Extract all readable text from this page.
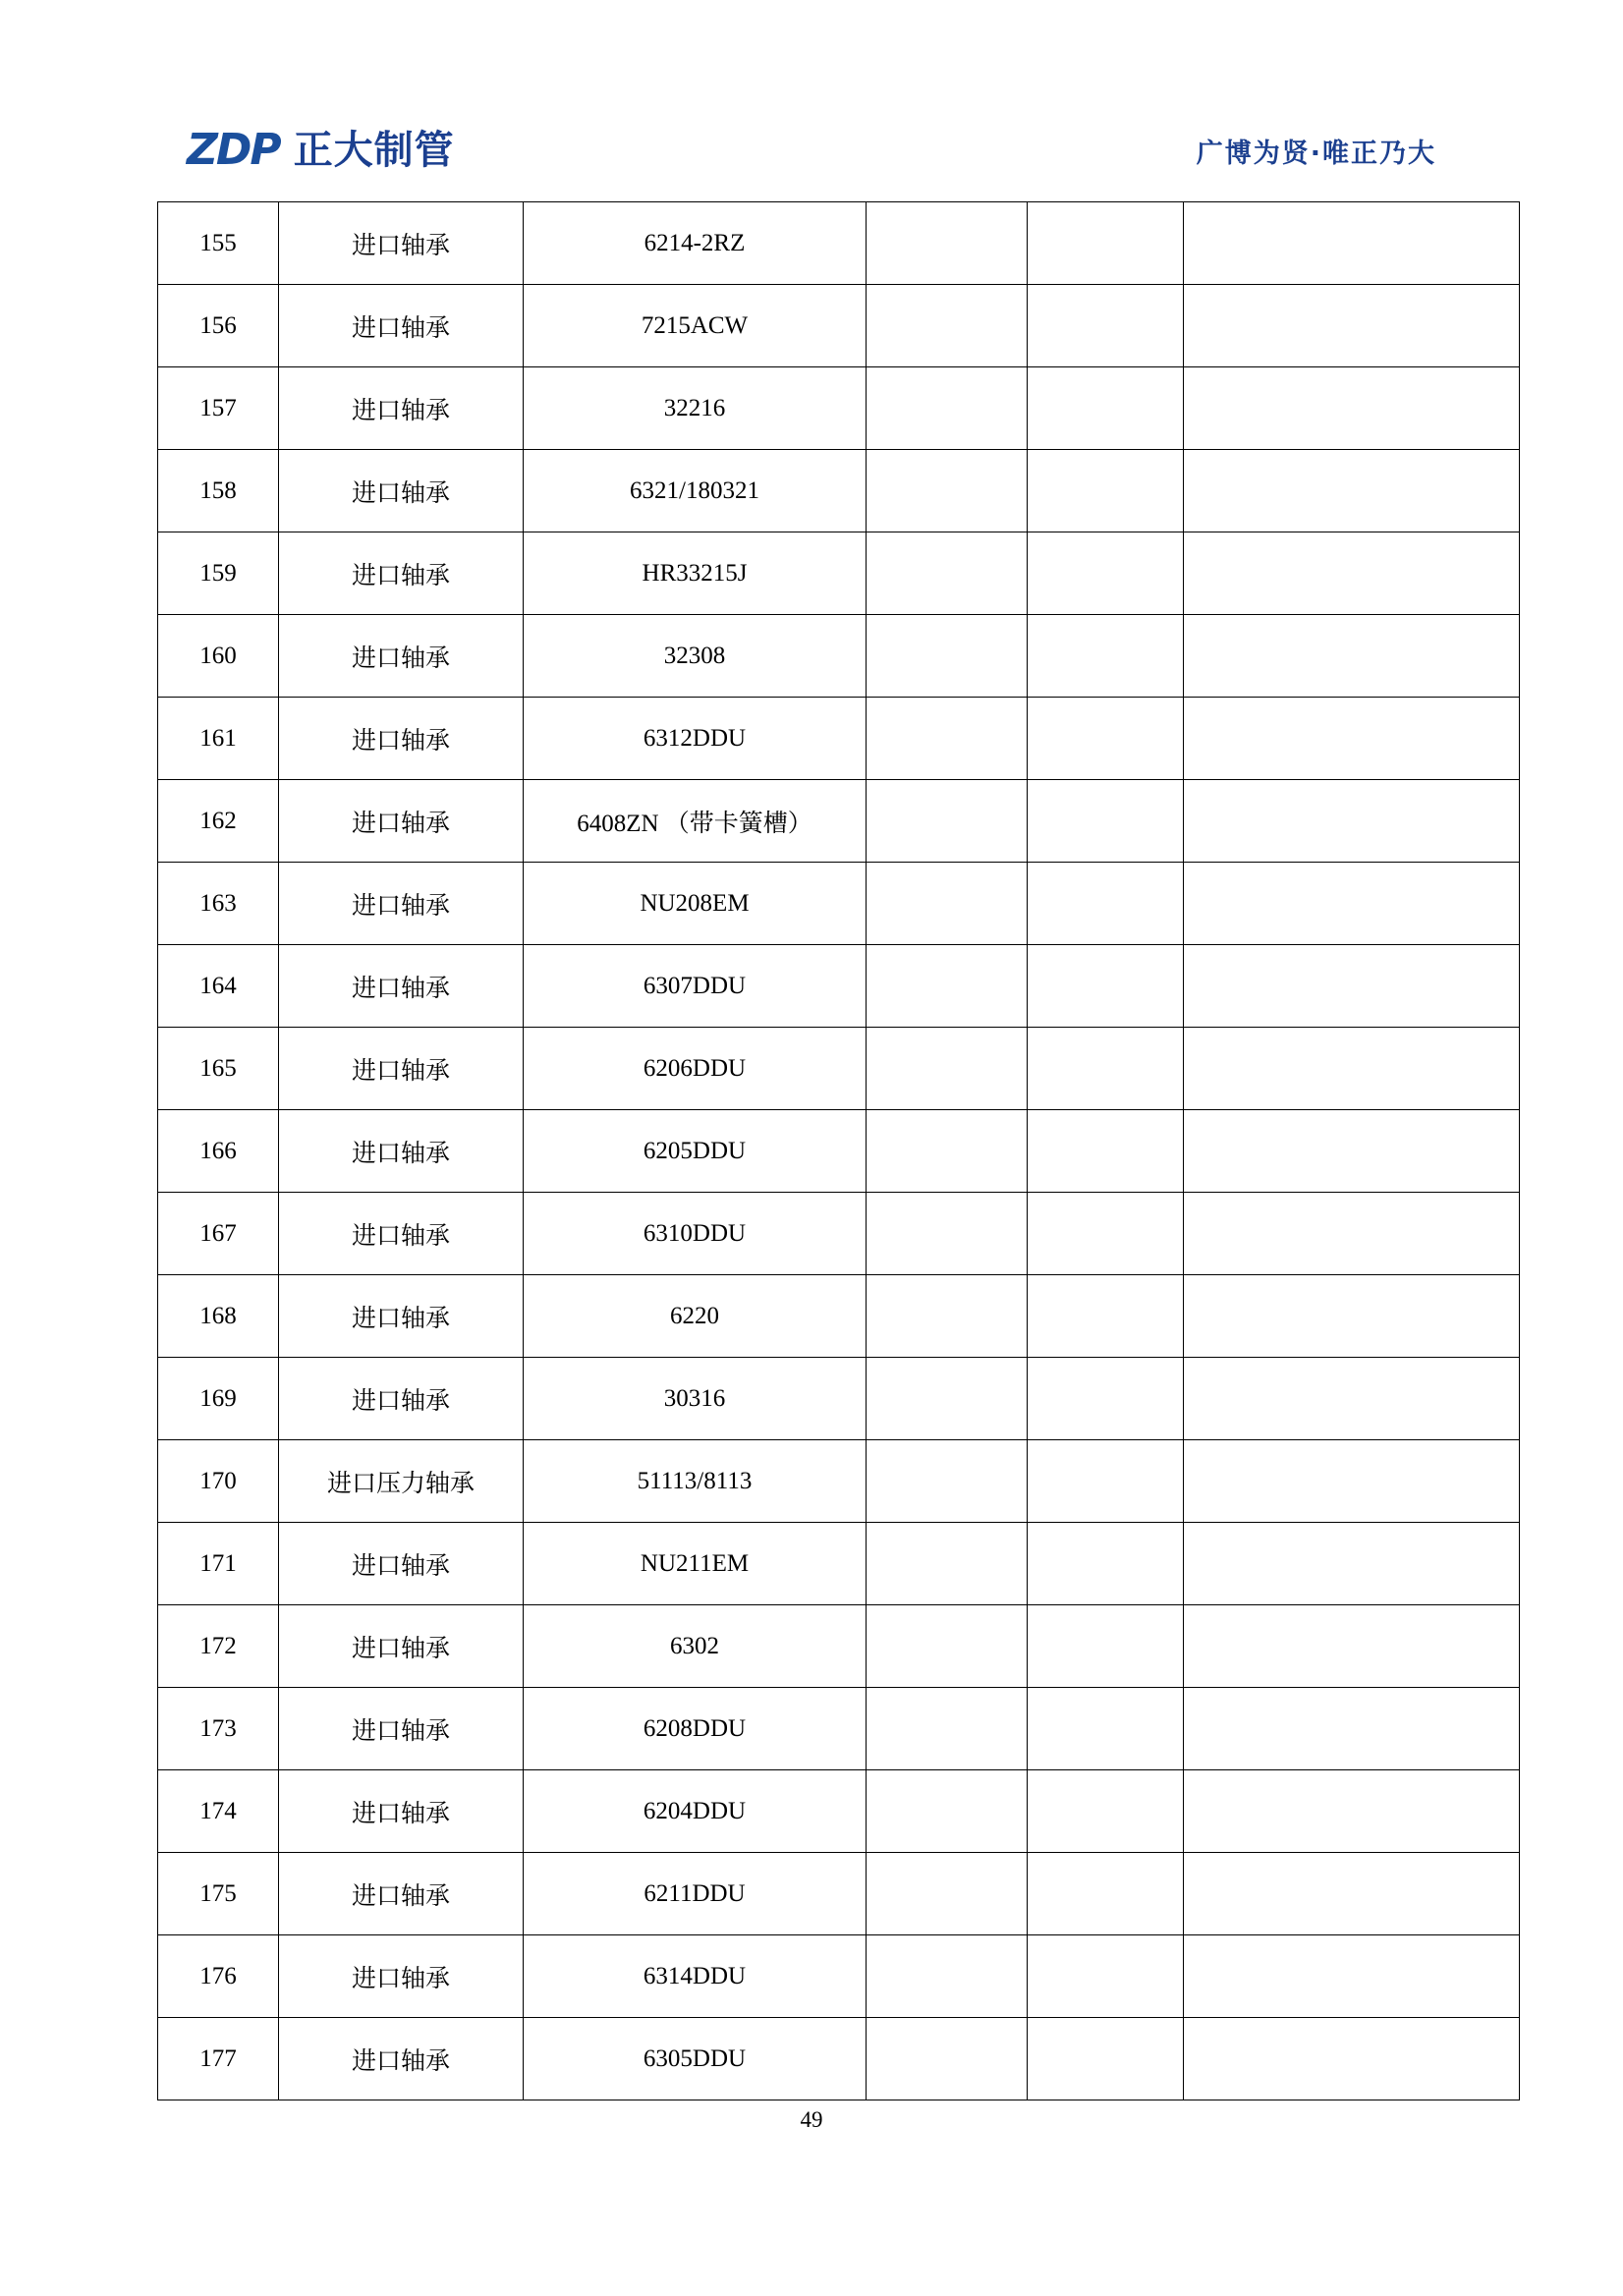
ZDP 正大制管	广博为贤·唯正乃大
155	进口轴承	6214-2RZ			
156	进口轴承	7215ACW			
157	进口轴承	32216			
158	进口轴承	6321/180321			
159	进口轴承	HR33215J			
160	进口轴承	32308			
161	进口轴承	6312DDU			
162	进口轴承	6408ZN （带卡簧槽）			
163	进口轴承	NU208EM			
164	进口轴承	6307DDU			
165	进口轴承	6206DDU			
166	进口轴承	6205DDU			
167	进口轴承	6310DDU			
168	进口轴承	6220			
169	进口轴承	30316			
170	进口压力轴承	51113/8113			
171	进口轴承	NU211EM			
172	进口轴承	6302			
173	进口轴承	6208DDU			
174	进口轴承	6204DDU			
175	进口轴承	6211DDU			
176	进口轴承	6314DDU			
177	进口轴承	6305DDU			
49
